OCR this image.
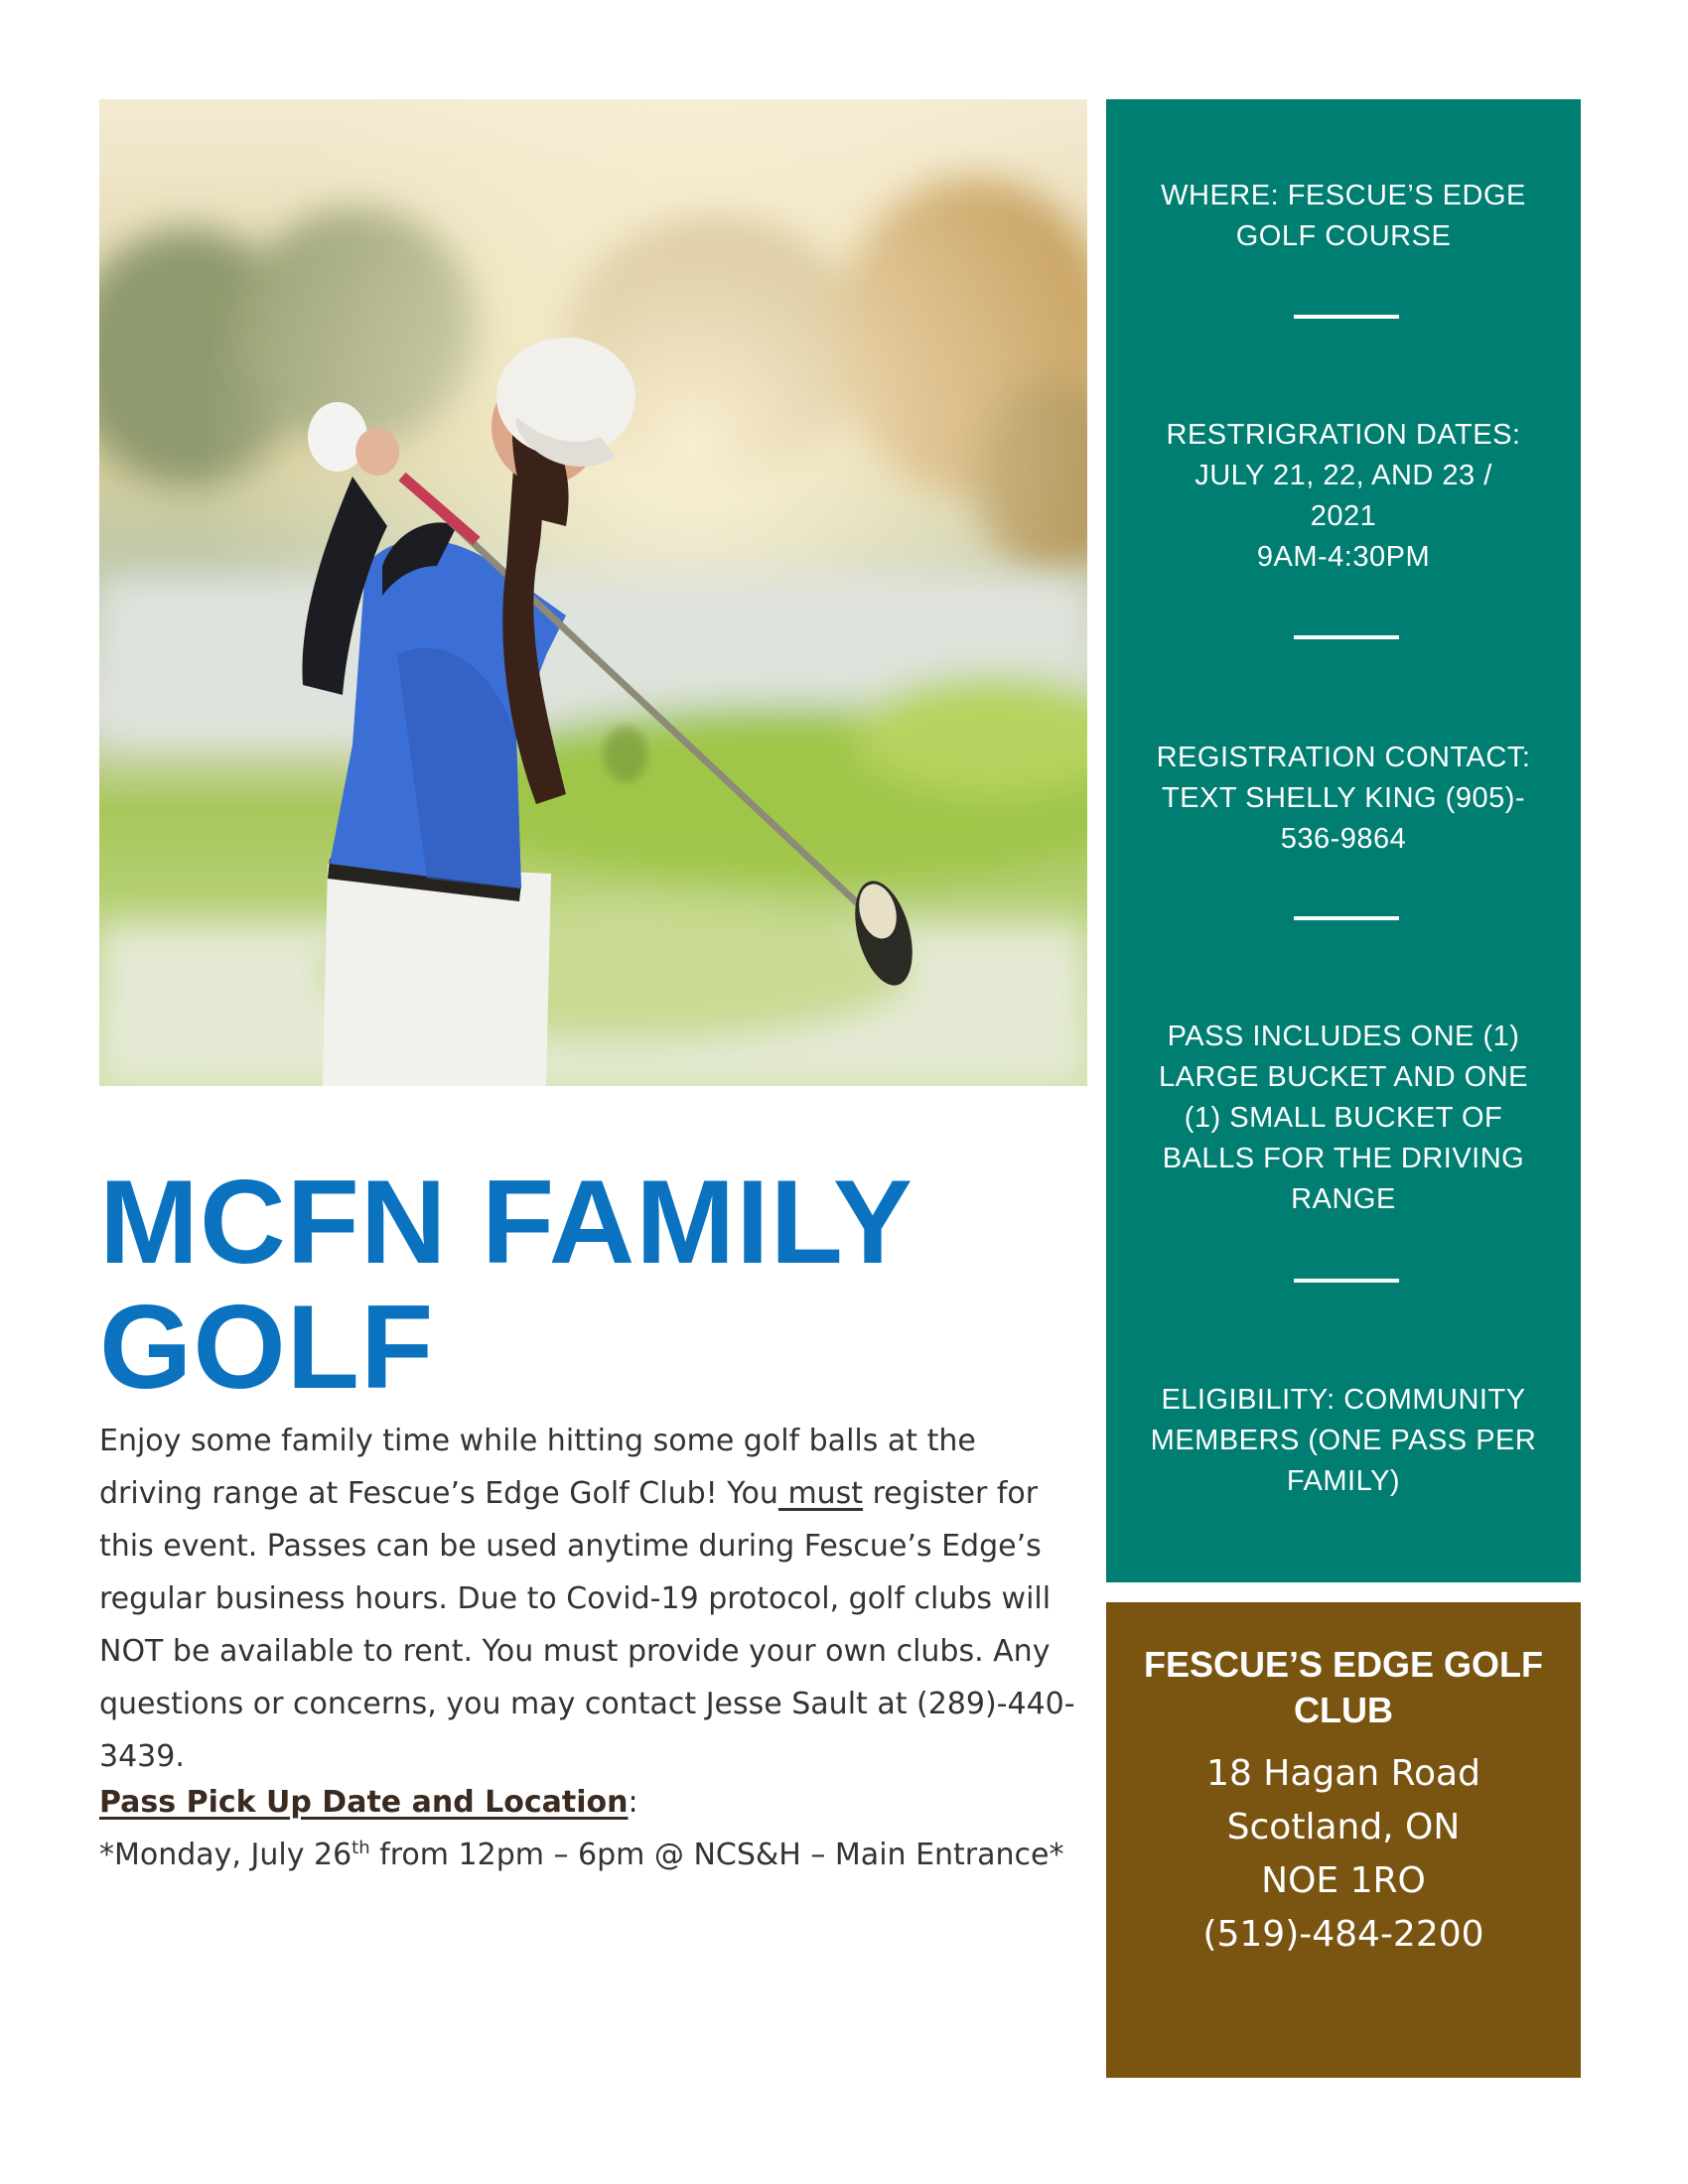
MCFN FAMILY GOLF

Enjoy some family time while hitting some golf balls at the driving range at Fescue’s Edge Golf Club! You must register for this event. Passes can be used anytime during Fescue’s Edge’s regular business hours. Due to Covid-19 protocol, golf clubs will NOT be available to rent. You must provide your own clubs. Any questions or concerns, you may contact Jesse Sault at (289)-440-3439.

Pass Pick Up Date and Location:

*Monday, July 26th from 12pm – 6pm @ NCS&H – Main Entrance*

WHERE: FESCUE’S EDGE
GOLF COURSE
RESTRIGRATION DATES:
JULY 21, 22, AND 23 /
2021
9AM-4:30PM
REGISTRATION CONTACT:
TEXT SHELLY KING (905)-
536-9864
PASS INCLUDES ONE (1)
LARGE BUCKET AND ONE
(1) SMALL BUCKET OF
BALLS FOR THE DRIVING
RANGE
ELIGIBILITY: COMMUNITY
MEMBERS (ONE PASS PER
FAMILY)
FESCUE’S EDGE GOLF
CLUB
18 Hagan Road
Scotland, ON
NOE 1RO
(519)-484-2200
